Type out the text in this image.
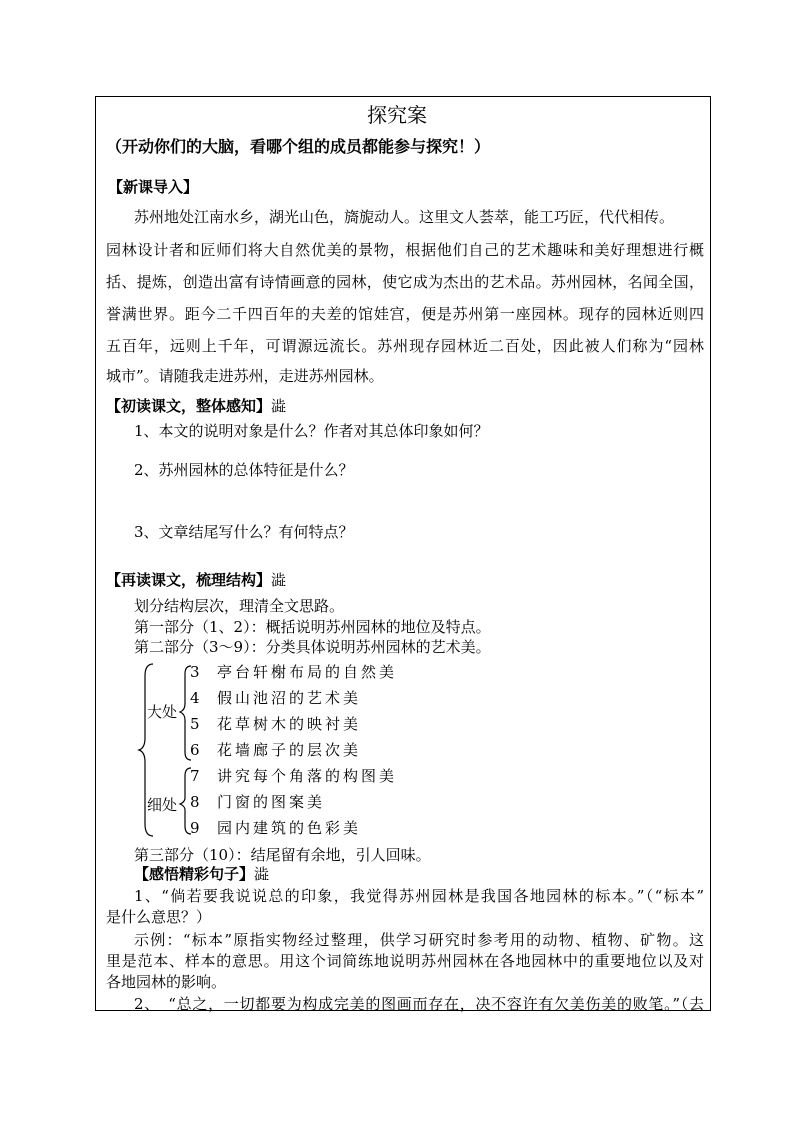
探究案
（开动你们的大脑，看哪个组的成员都能参与探究！）
【新课导入】
苏州地处江南水乡，湖光山色，旖旎动人。这里文人荟萃，能工巧匠，代代相传。
园林设计者和匠师们将大自然优美的景物，根据他们自己的艺术趣味和美好理想进行概
括、提炼，创造出富有诗情画意的园林，使它成为杰出的艺术品。苏州园林，名闻全国，
誉满世界。距今二千四百年的夫差的馆娃宫，便是苏州第一座园林。现存的园林近则四
五百年，远则上千年，可谓源远流长。苏州现存园林近二百处，因此被人们称为“园林
城市”。请随我走进苏州，走进苏州园林。
【初读课文，整体感知】澁
1、本文的说明对象是什么？作者对其总体印象如何？
2、苏州园林的总体特征是什么？
3、文章结尾写什么？有何特点？
【再读课文，梳理结构】澁
划分结构层次，理清全文思路。
第一部分（1、2）：概括说明苏州园林的地位及特点。
第二部分（3～9）：分类具体说明苏州园林的艺术美。
大处
细处
3 亭台轩榭布局的自然美
4 假山池沼的艺术美
5 花草树木的映衬美
6 花墙廊子的层次美
7 讲究每个角落的构图美
8 门窗的图案美
9 园内建筑的色彩美
第三部分（10）：结尾留有余地，引人回味。
【感悟精彩句子】澁
1、“倘若要我说说总的印象，我觉得苏州园林是我国各地园林的标本。”（“标本”
是什么意思？）
示例：“标本”原指实物经过整理，供学习研究时参考用的动物、植物、矿物。这
里是范本、样本的意思。用这个词简练地说明苏州园林在各地园林中的重要地位以及对
各地园林的影响。
2、　“总之，一切都要为构成完美的图画而存在，决不容许有欠美伤美的败笔。”（去
